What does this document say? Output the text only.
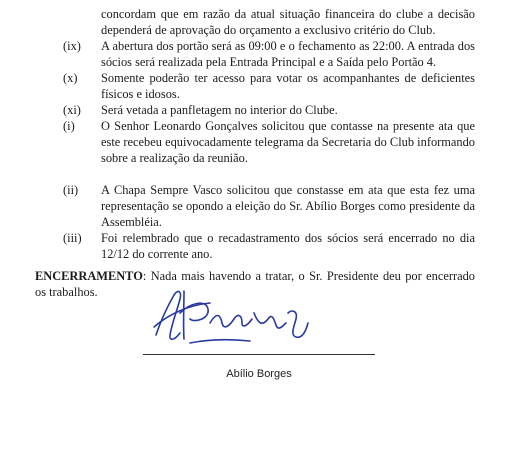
concordam que em razão da atual situação financeira do clube a decisão
dependerá de aprovação do orçamento a exclusivo critério do Club.
(ix) A abertura dos portão será as 09:00 e o fechamento as 22:00. A entrada dos
sócios será realizada pela Entrada Principal e a Saída pelo Portão 4.
(x) Somente poderão ter acesso para votar os acompanhantes de deficientes
físicos e idosos.
(xi) Será vetada a panfletagem no interior do Clube.
(i) O Senhor Leonardo Gonçalves solicitou que contasse na presente ata que
este recebeu equivocadamente telegrama da Secretaria do Club informando
sobre a realização da reunião.
(ii) A Chapa Sempre Vasco solicitou que constasse em ata que esta fez uma
representação se opondo a eleição do Sr. Abílio Borges como presidente da
Assembléia.
(iii) Foi relembrado que o recadastramento dos sócios será encerrado no dia
12/12 do corrente ano.
ENCERRAMENTO: Nada mais havendo a tratar, o Sr. Presidente deu por encerrado
os trabalhos.
Abílio Borges
